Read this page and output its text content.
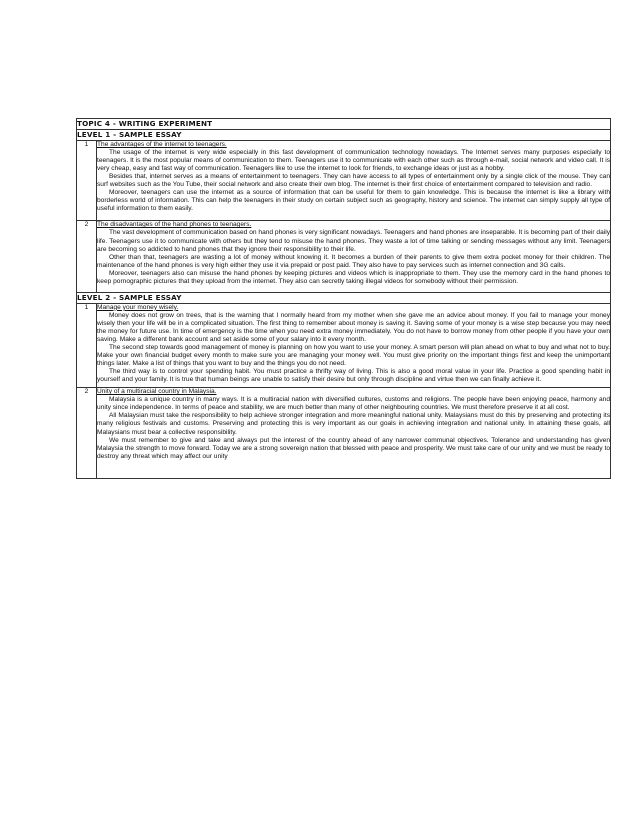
TOPIC 4 - WRITING EXPERIMENT	
LEVEL 1 - SAMPLE ESSAY	
1	The advantages of the internet to teenagers.

The usage of the internet is very wide especially in this fast development of communication technology nowadays. The Internet serves many purposes especially to teenagers. It is the most popular means of communication to them. Teenagers use it to communicate with each other such as through e-mail, social network and video call. It is very cheap, easy and fast way of communication. Teenagers like to use the internet to look for friends, to exchange ideas or just as a hobby.

Besides that, internet serves as a means of entertainment to teenagers. They can have access to all types of entertainment only by a single click of the mouse. They can surf websites such as the You Tube, their social network and also create their own blog. The internet is their first choice of entertainment compared to television and radio.

Moreover, teenagers can use the internet as a source of information that can be useful for them to gain knowledge. This is because the internet is like a library with borderless world of information. This can help the teenagers in their study on certain subject such as geography, history and science. The internet can simply supply all type of useful information to them easily.

2	The disadvantages of the hand phones to teenagers.

The vast development of communication based on hand phones is very significant nowadays. Teenagers and hand phones are inseparable. It is becoming part of their daily life. Teenagers use it to communicate with others but they tend to misuse the hand phones. They waste a lot of time talking or sending messages without any limit. Teenagers are becoming so addicted to hand phones that they ignore their responsibility to their life.

Other than that, teenagers are wasting a lot of money without knowing it. It becomes a burden of their parents to give them extra pocket money for their children. The maintenance of the hand phones is very high either they use it via prepaid or post paid. They also have to pay services such as internet connection and 3G calls.

Moreover, teenagers also can misuse the hand phones by keeping pictures and videos which is inappropriate to them. They use the memory card in the hand phones to keep pornographic pictures that they upload from the internet. They also can secretly taking illegal videos for somebody without their permission.

LEVEL 2 - SAMPLE ESSAY	
1	Manage your money wisely.

Money does not grow on trees, that is the warning that I normally heard from my mother when she gave me an advice about money. If you fail to manage your money wisely then your life will be in a complicated situation. The first thing to remember about money is saving it. Saving some of your money is a wise step because you may need the money for future use. In time of emergency is the time when you need extra money immediately. You do not have to borrow money from other people if you have your own saving. Make a different bank account and set aside some of your salary into it every month.

The second step towards good management of money is planning on how you want to use your money. A smart person will plan ahead on what to buy and what not to buy. Make your own financial budget every month to make sure you are managing your money well. You must give priority on the important things first and keep the unimportant things later. Make a list of things that you want to buy and the things you do not need.

The third way is to control your spending habit. You must practice a thrifty way of living. This is also a good moral value in your life. Practice a good spending habit in yourself and your family. It is true that human beings are unable to satisfy their desire but only through discipline and virtue then we can finally achieve it.

2	Unity of a multiracial country in Malaysia.

Malaysia is a unique country in many ways. It is a multiracial nation with diversified cultures, customs and religions. The people have been enjoying peace, harmony and unity since independence. In terms of peace and stability, we are much better than many of other neighbouring countries. We must therefore preserve it at all cost.

All Malaysian must take the responsibility to help achieve stronger integration and more meaningful national unity. Malaysians must do this by preserving and protecting its many religious festivals and customs. Preserving and protecting this is very important as our goals in achieving integration and national unity. In attaining these goals, all Malaysians must bear a collective responsibility.

We must remember to give and take and always put the interest of the country ahead of any narrower communal objectives. Tolerance and understanding has given Malaysia the strength to move forward. Today we are a strong sovereign nation that blessed with peace and prosperity. We must take care of our unity and we must be ready to destroy any threat which may affect our unity
